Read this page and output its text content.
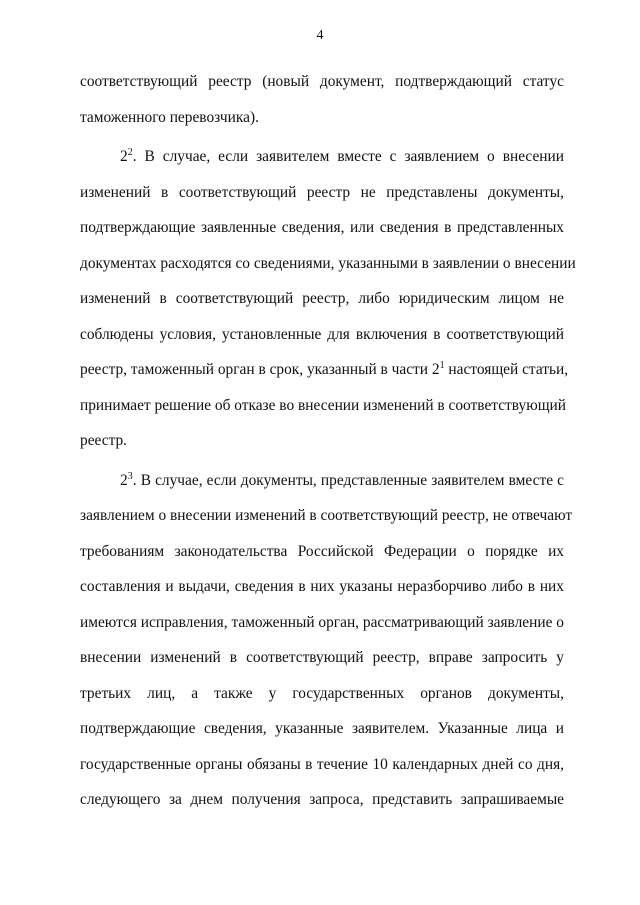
4
соответствующий реестр (новый документ, подтверждающий статус
таможенного перевозчика).
$2^2$. В случае, если заявителем вместе с заявлением о внесении
изменений в соответствующий реестр не представлены документы,
подтверждающие заявленные сведения, или сведения в представленных
документах расходятся со сведениями, указанными в заявлении о внесении
изменений в соответствующий реестр, либо юридическим лицом не
соблюдены условия, установленные для включения в соответствующий
реестр, таможенный орган в срок, указанный в части $2^1$ настоящей статьи,
принимает решение об отказе во внесении изменений в соответствующий
реестр.
$2^3$. В случае, если документы, представленные заявителем вместе с
заявлением о внесении изменений в соответствующий реестр, не отвечают
требованиям законодательства Российской Федерации о порядке их
составления и выдачи, сведения в них указаны неразборчиво либо в них
имеются исправления, таможенный орган, рассматривающий заявление о
внесении изменений в соответствующий реестр, вправе запросить у
третьих лиц, а также у государственных органов документы,
подтверждающие сведения, указанные заявителем. Указанные лица и
государственные органы обязаны в течение 10 календарных дней со дня,
следующего за днем получения запроса, представить запрашиваемые
